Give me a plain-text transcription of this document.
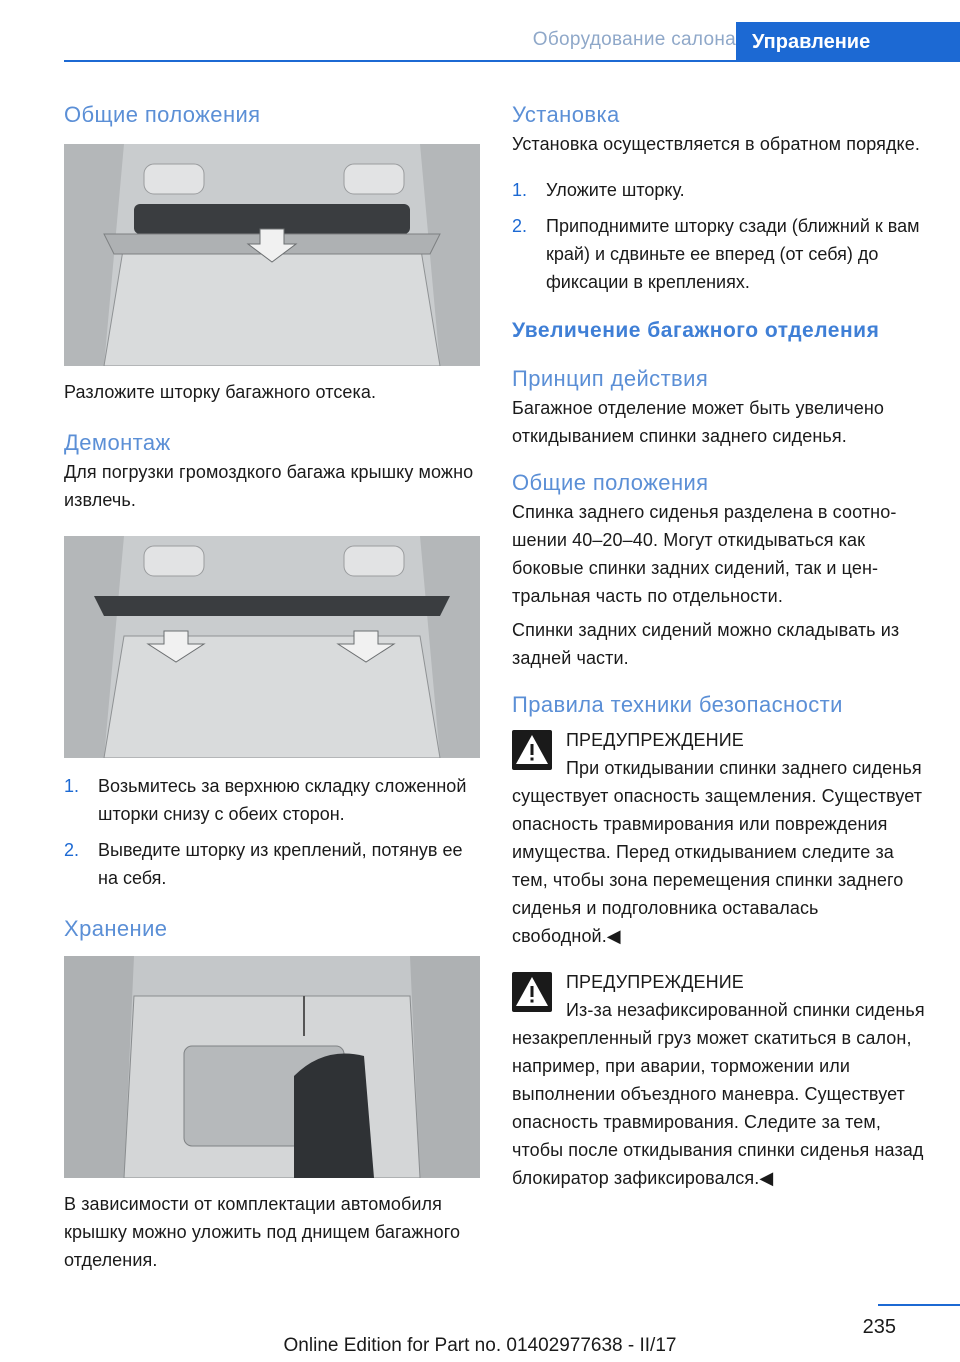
Оборудование салона Управление
Общие положения

Разложите шторку багажного отсека.

Демонтаж

Для погрузки громоздкого багажа крышку можно извлечь.

1. Возьмитесь за верхнюю складку сложенной шторки снизу с обеих сторон.
2. Выведите шторку из креплений, потянув ее на себя.
Хранение

В зависимости от комплектации автомобиля крышку можно уложить под днищем багажного отделения.

Установка

Установка осуществляется в обратном порядке.

1. Уложите шторку.
2. Приподнимите шторку сзади (ближний к вам край) и сдвиньте ее вперед (от себя) до фиксации в креплениях.
Увеличение багажного отделения
Принцип действия

Багажное отделение может быть увеличено откидыванием спинки заднего сиденья.

Общие положения

Спинка заднего сиденья разделена в соотношении 40–20–40. Могут откидываться как боковые спинки задних сидений, так и центральная часть по отдельности.

Спинки задних сидений можно складывать из задней части.

Правила техники безопасности

ПРЕДУПРЕЖДЕНИЕ

При откидывании спинки заднего сиденья существует опасность защемления. Существует опасность травмирования или повреждения имущества. Перед откидыванием следите за тем, чтобы зона перемещения спинки заднего сиденья и подголовника оставалась свободной.◀

ПРЕДУПРЕЖДЕНИЕ

Из-за незафиксированной спинки сиденья незакрепленный груз может скатиться в салон, например, при аварии, торможении или выполнении объездного маневра. Существует опасность травмирования. Следите за тем, чтобы после откидывания спинки сиденья назад блокиратор зафиксировался.◀

235
Online Edition for Part no. 01402977638 - II/17
